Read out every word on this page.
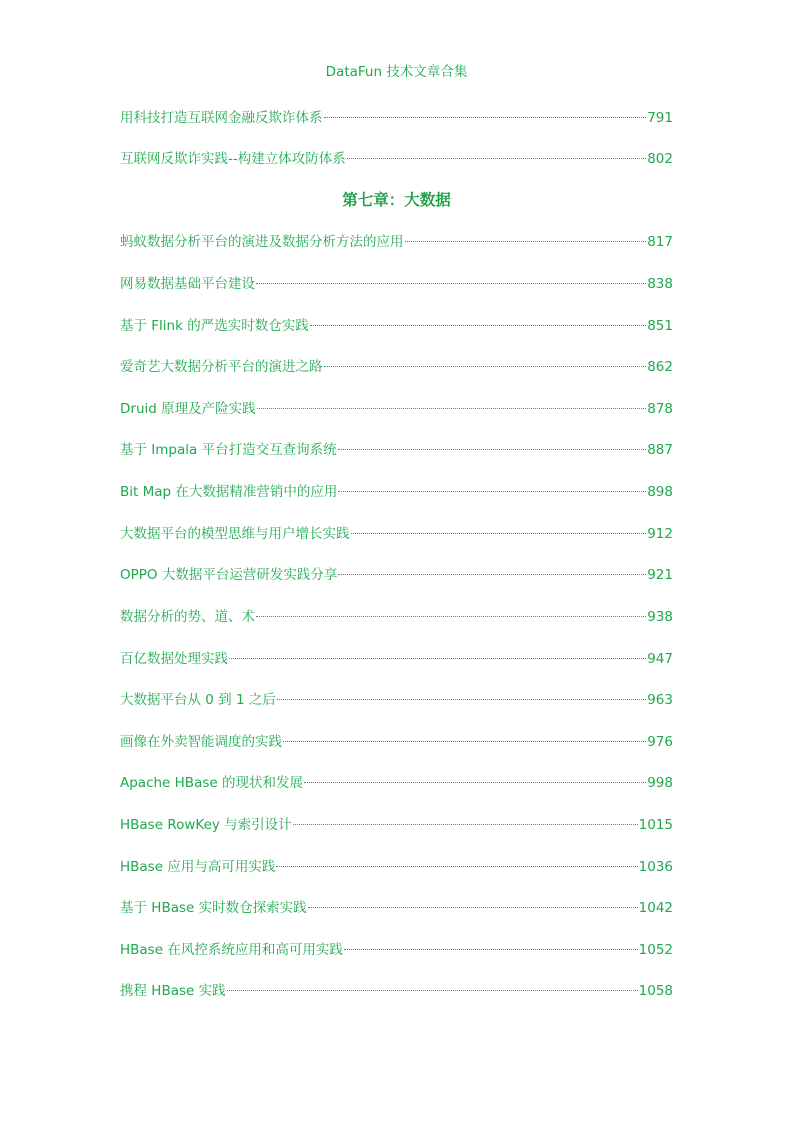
DataFun 技术文章合集
用科技打造互联网金融反欺诈体系	791
互联网反欺诈实践--构建立体攻防体系	802
第七章：大数据
蚂蚁数据分析平台的演进及数据分析方法的应用	817
网易数据基础平台建设	838
基于 Flink 的严选实时数仓实践	851
爱奇艺大数据分析平台的演进之路	862
Druid 原理及产险实践	878
基于 Impala 平台打造交互查询系统	887
Bit Map 在大数据精准营销中的应用	898
大数据平台的模型思维与用户增长实践	912
OPPO 大数据平台运营研发实践分享	921
数据分析的势、道、术	938
百亿数据处理实践	947
大数据平台从 0 到 1 之后	963
画像在外卖智能调度的实践	976
Apache HBase 的现状和发展	998
HBase RowKey 与索引设计	1015
HBase 应用与高可用实践	1036
基于 HBase 实时数仓探索实践	1042
HBase 在风控系统应用和高可用实践	1052
携程 HBase 实践	1058
